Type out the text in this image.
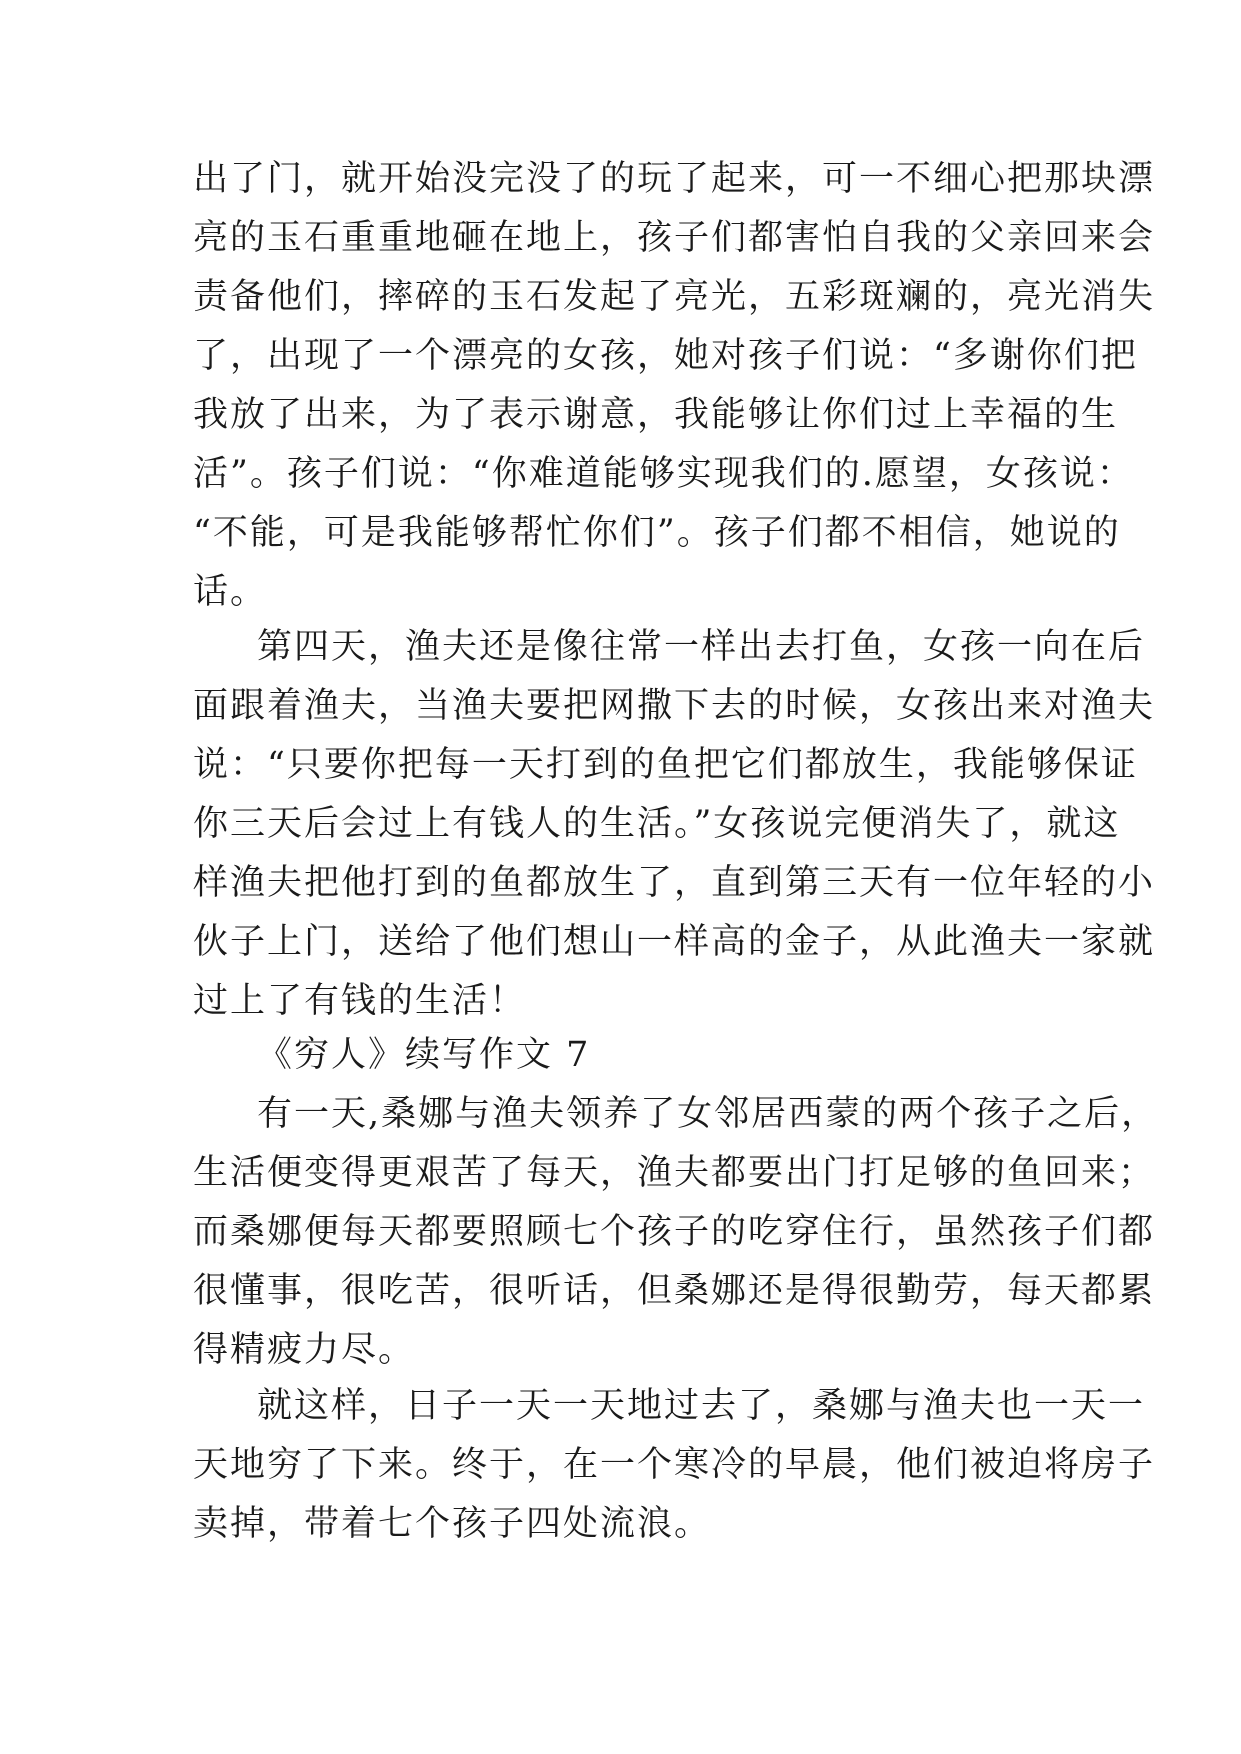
出了门，就开始没完没了的玩了起来，可一不细心把那块漂
亮的玉石重重地砸在地上，孩子们都害怕自我的父亲回来会
责备他们，摔碎的玉石发起了亮光，五彩斑斓的，亮光消失
了，出现了一个漂亮的女孩，她对孩子们说：“多谢你们把
我放了出来，为了表示谢意，我能够让你们过上幸福的生
活”。孩子们说：“你难道能够实现我们的.愿望，女孩说：
“不能，可是我能够帮忙你们”。孩子们都不相信，她说的
话。
第四天，渔夫还是像往常一样出去打鱼，女孩一向在后
面跟着渔夫，当渔夫要把网撒下去的时候，女孩出来对渔夫
说：“只要你把每一天打到的鱼把它们都放生，我能够保证
你三天后会过上有钱人的生活。”女孩说完便消失了，就这
样渔夫把他打到的鱼都放生了，直到第三天有一位年轻的小
伙子上门，送给了他们想山一样高的金子，从此渔夫一家就
过上了有钱的生活！
《穷人》续写作文 7
有一天,桑娜与渔夫领养了女邻居西蒙的两个孩子之后，
生活便变得更艰苦了每天，渔夫都要出门打足够的鱼回来；
而桑娜便每天都要照顾七个孩子的吃穿住行，虽然孩子们都
很懂事，很吃苦，很听话，但桑娜还是得很勤劳，每天都累
得精疲力尽。
就这样，日子一天一天地过去了，桑娜与渔夫也一天一
天地穷了下来。终于，在一个寒冷的早晨，他们被迫将房子
卖掉，带着七个孩子四处流浪。
